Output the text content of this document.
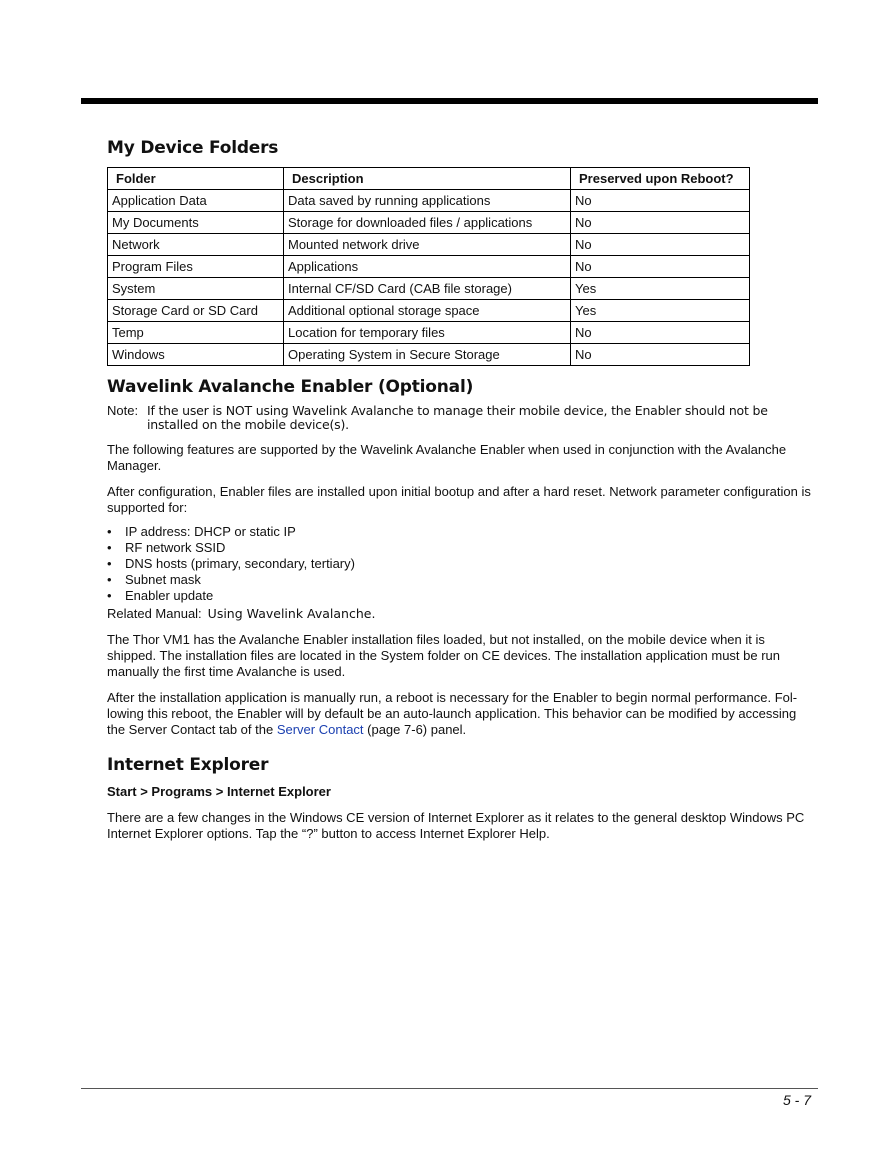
My Device Folders
Folder	Description	Preserved upon Reboot?
Application Data	Data saved by running applications	No
My Documents	Storage for downloaded files / applications	No
Network	Mounted network drive	No
Program Files	Applications	No
System	Internal CF/SD Card (CAB file storage)	Yes
Storage Card or SD Card	Additional optional storage space	Yes
Temp	Location for temporary files	No
Windows	Operating System in Secure Storage	No
Wavelink Avalanche Enabler (Optional)
Note: If the user is NOT using Wavelink Avalanche to manage their mobile device, the Enabler should not be installed on the mobile device(s).

The following features are supported by the Wavelink Avalanche Enabler when used in conjunction with the Avalanche Manager.

After configuration, Enabler files are installed upon initial bootup and after a hard reset. Network parameter configuration is supported for:

• IP address: DHCP or static IP
• RF network SSID
• DNS hosts (primary, secondary, tertiary)
• Subnet mask
• Enabler update
Related Manual: Using Wavelink Avalanche.

The Thor VM1 has the Avalanche Enabler installation files loaded, but not installed, on the mobile device when it is shipped. The installation files are located in the System folder on CE devices. The installation application must be run manually the first time Avalanche is used.

After the installation application is manually run, a reboot is necessary for the Enabler to begin normal performance. Fol-lowing this reboot, the Enabler will by default be an auto-launch application. This behavior can be modified by accessing the Server Contact tab of the Server Contact (page 7-6) panel.

Internet Explorer
Start > Programs > Internet Explorer

There are a few changes in the Windows CE version of Internet Explorer as it relates to the general desktop Windows PC Internet Explorer options. Tap the “?” button to access Internet Explorer Help.

5 - 7
